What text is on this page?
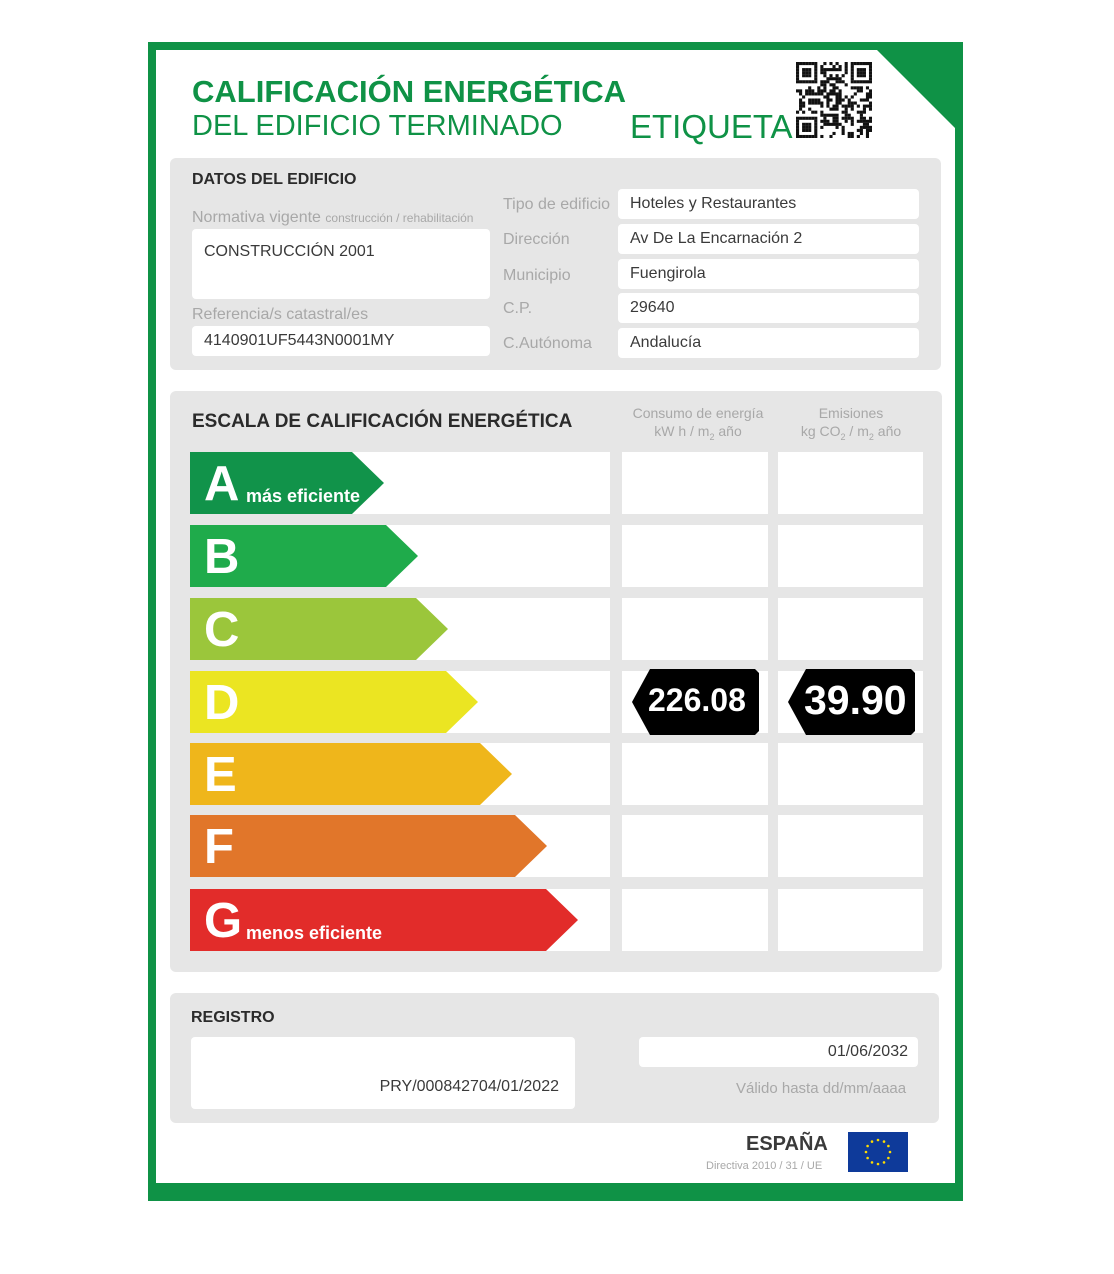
CALIFICACIÓN ENERGÉTICA
DEL EDIFICIO TERMINADO ETIQUETA
DATOS DEL EDIFICIO
Normativa vigente construcción / rehabilitación
CONSTRUCCIÓN 2001
Referencia/s catastral/es
4140901UF5443N0001MY
Tipo de edificio	Hoteles y Restaurantes
Dirección	Av De La Encarnación 2
Municipio	Fuengirola
C.P.	29640
C.Autónoma	Andalucía
ESCALA DE CALIFICACIÓN ENERGÉTICA	Consumo de energía
kW h / $m_2$ año
Emisiones
kg $CO_2 / m_2$ año
A más eficiente
B
C
D	226.08 39.90
E
F
G menos eficiente
REGISTRO
PRY/000842704/01/2022
01/06/2032
Válido hasta dd/mm/aaaa
ESPAÑA
Directiva 2010 / 31 / UE
